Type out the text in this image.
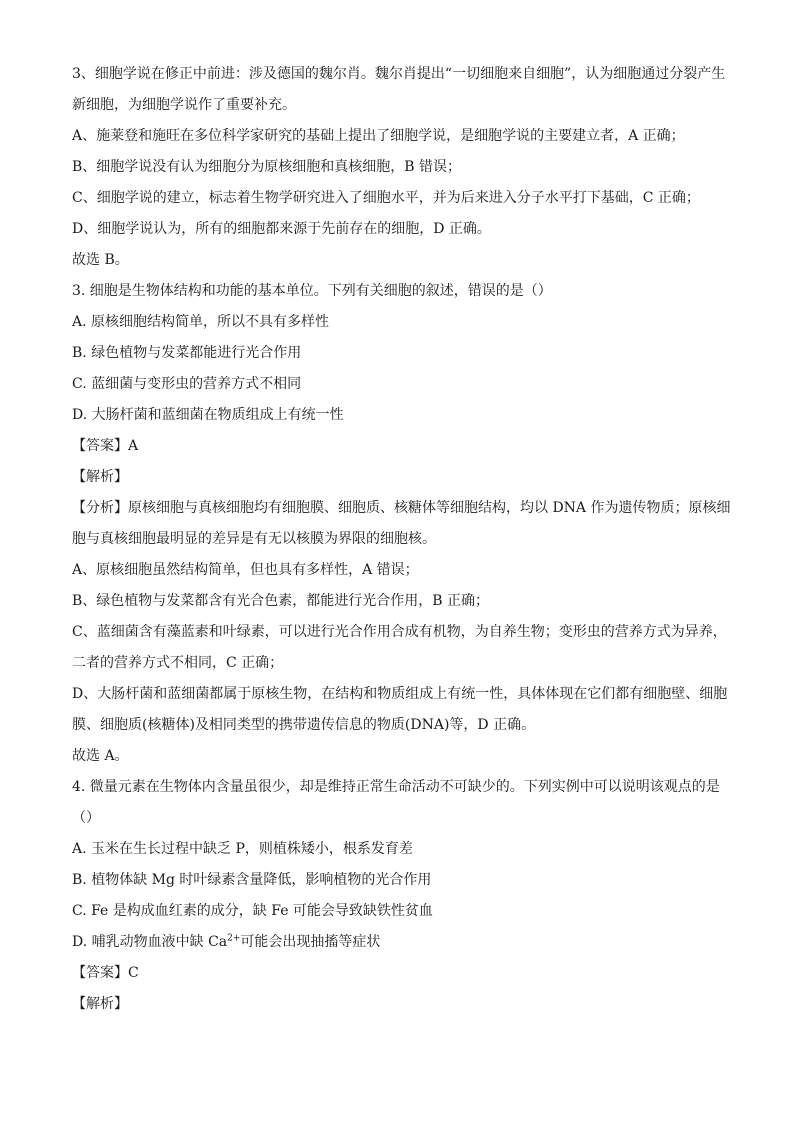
3、细胞学说在修正中前进：涉及德国的魏尔肖。魏尔肖提出“一切细胞来自细胞”，认为细胞通过分裂产生
新细胞，为细胞学说作了重要补充。
A、施莱登和施旺在多位科学家研究的基础上提出了细胞学说，是细胞学说的主要建立者，A 正确；
B、细胞学说没有认为细胞分为原核细胞和真核细胞，B 错误；
C、细胞学说的建立，标志着生物学研究进入了细胞水平，并为后来进入分子水平打下基础，C 正确；
D、细胞学说认为，所有的细胞都来源于先前存在的细胞，D 正确。
故选 B。
3. 细胞是生物体结构和功能的基本单位。下列有关细胞的叙述，错误的是（）
A. 原核细胞结构简单，所以不具有多样性
B. 绿色植物与发菜都能进行光合作用
C. 蓝细菌与变形虫的营养方式不相同
D. 大肠杆菌和蓝细菌在物质组成上有统一性
【答案】A
【解析】
【分析】原核细胞与真核细胞均有细胞膜、细胞质、核糖体等细胞结构，均以 DNA 作为遗传物质；原核细
胞与真核细胞最明显的差异是有无以核膜为界限的细胞核。
A、原核细胞虽然结构简单，但也具有多样性，A 错误；
B、绿色植物与发菜都含有光合色素，都能进行光合作用，B 正确；
C、蓝细菌含有藻蓝素和叶绿素，可以进行光合作用合成有机物，为自养生物；变形虫的营养方式为异养，
二者的营养方式不相同，C 正确；
D、大肠杆菌和蓝细菌都属于原核生物，在结构和物质组成上有统一性，具体体现在它们都有细胞壁、细胞
膜、细胞质(核糖体)及相同类型的携带遗传信息的物质(DNA)等，D 正确。
故选 A。
4. 微量元素在生物体内含量虽很少，却是维持正常生命活动不可缺少的。下列实例中可以说明该观点的是
（）
A. 玉米在生长过程中缺乏 P，则植株矮小，根系发育差
B. 植物体缺 Mg 时叶绿素含量降低，影响植物的光合作用
C. Fe 是构成血红素的成分，缺 Fe 可能会导致缺铁性贫血
D. 哺乳动物血液中缺 $Ca^{2+}$可能会出现抽搐等症状
【答案】C
【解析】
